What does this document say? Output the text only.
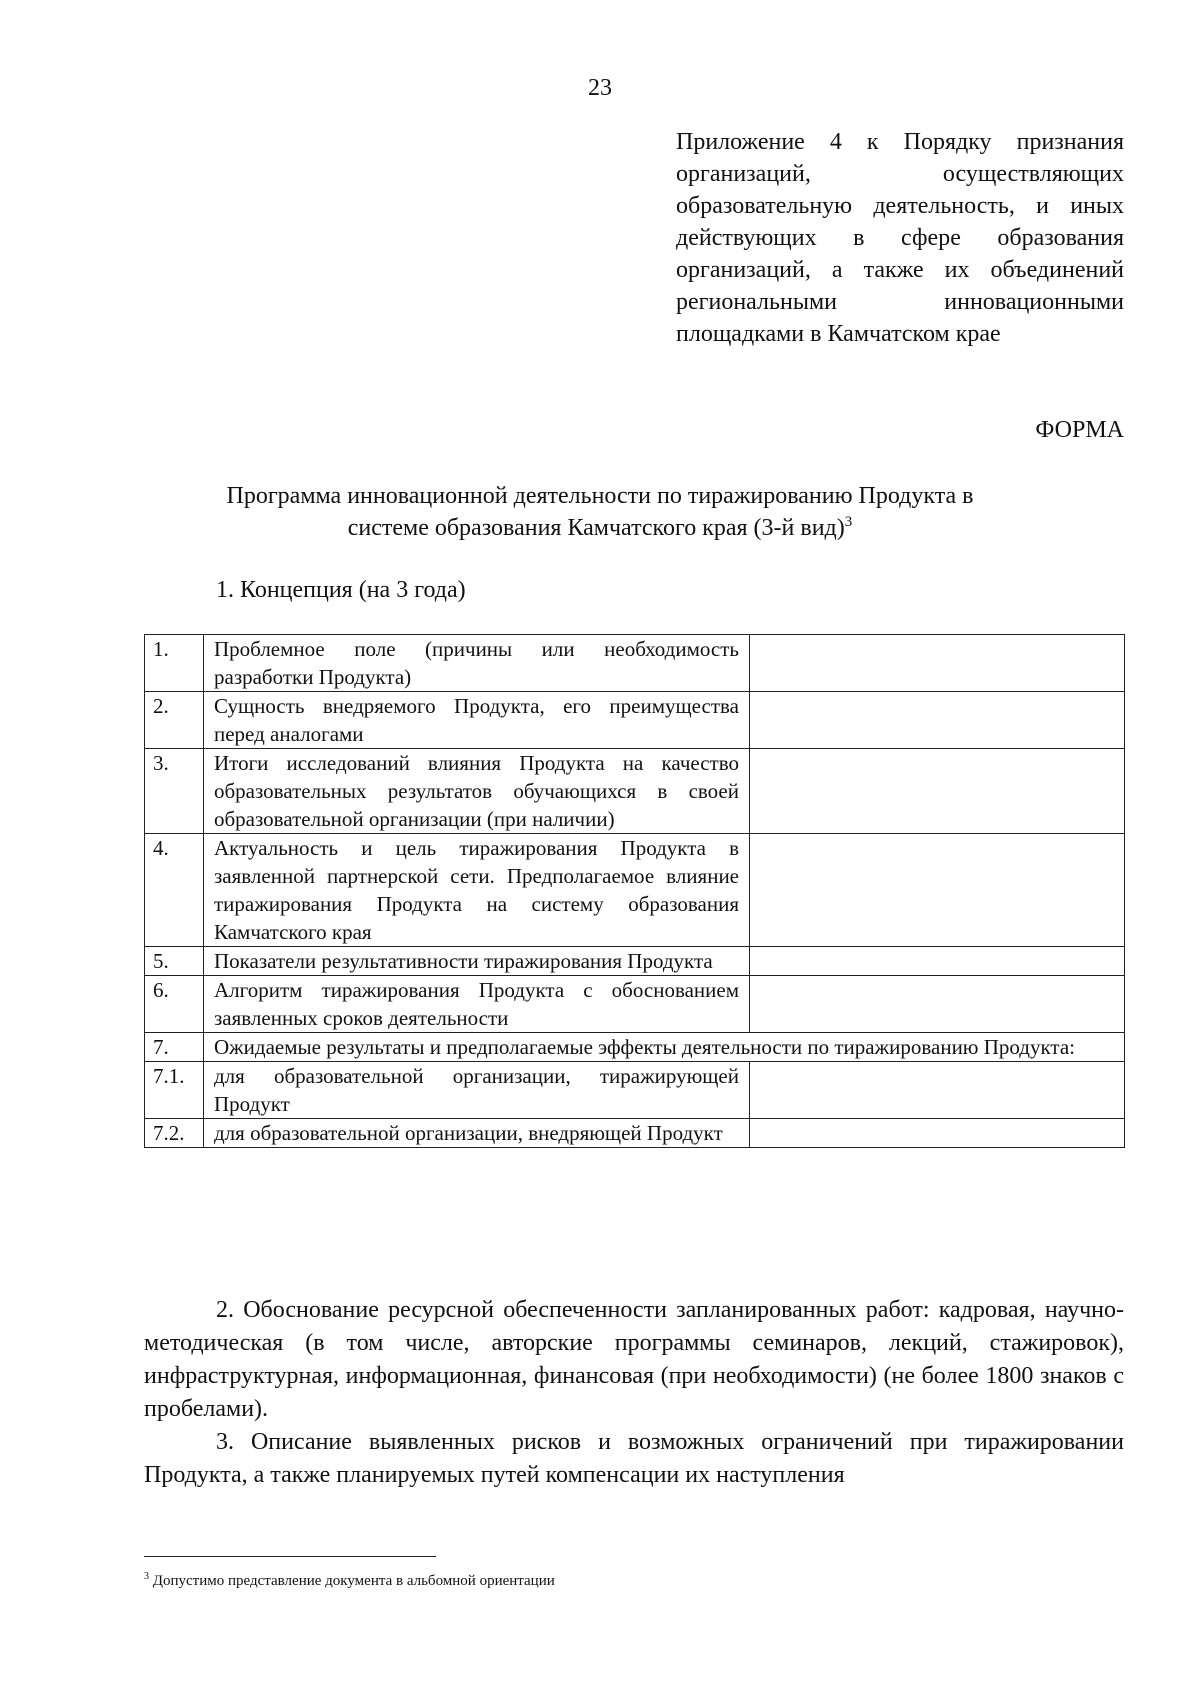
23
Приложение 4 к Порядку признания организаций, осуществляющих образовательную деятельность, и иных действующих в сфере образования организаций, а также их объединений региональными инновационными площадками в Камчатском крае
ФОРМА
Программа инновационной деятельности по тиражированию Продукта в
системе образования Камчатского края (3-й вид)$^3$
1. Концепция (на 3 года)
1.	Проблемное поле (причины или необходимость разработки Продукта)	
2.	Сущность внедряемого Продукта, его преимущества перед аналогами	
3.	Итоги исследований влияния Продукта на качество образовательных результатов обучающихся в своей образовательной организации (при наличии)	
4.	Актуальность и цель тиражирования Продукта в заявленной партнерской сети. Предполагаемое влияние тиражирования Продукта на систему образования Камчатского края	
5.	Показатели результативности тиражирования Продукта	
6.	Алгоритм тиражирования Продукта с обоснованием заявленных сроков деятельности	
7.	Ожидаемые результаты и предполагаемые эффекты деятельности по тиражированию Продукта:	
7.1.	для образовательной организации, тиражирующей Продукт	
7.2.	для образовательной организации, внедряющей Продукт	

2. Обоснование ресурсной обеспеченности запланированных работ: кадровая, научно-методическая (в том числе, авторские программы семинаров, лекций, стажировок), инфраструктурная, информационная, финансовая (при необходимости) (не более 1800 знаков с пробелами).

3. Описание выявленных рисков и возможных ограничений при тиражировании Продукта, а также планируемых путей компенсации их наступления

$^3$ Допустимо представление документа в альбомной ориентации
